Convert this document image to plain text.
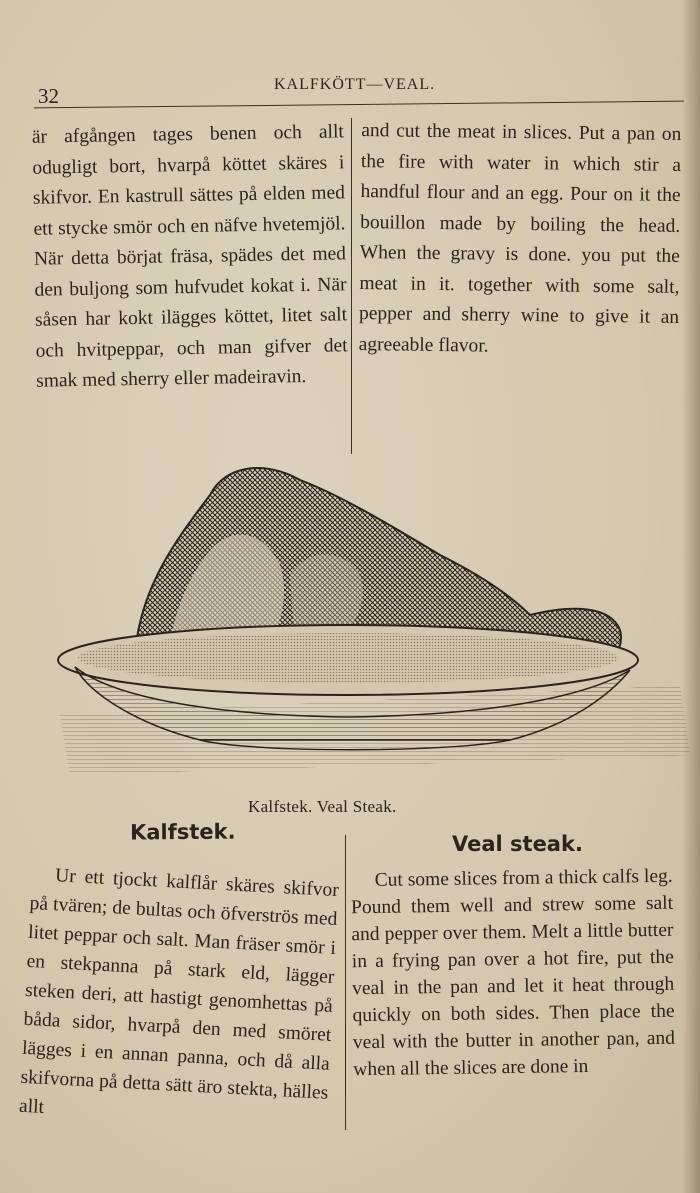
32	KALFKÖTT—VEAL.

är afgången tages benen och allt odugligt bort, hvarpå köttet skäres i skifvor. En kastrull sättes på elden med ett stycke smör och en näfve hvetemjöl. När detta börjat fräsa, spädes det med den buljong som hufvudet kokat i. När såsen har kokt ilägges köttet, litet salt och hvitpeppar, och man gifver det smak med sherry eller madeiravin.

and cut the meat in slices. Put a pan on the fire with water in which stir a handful flour and an egg. Pour on it the bouillon made by boiling the head. When the gravy is done. you put the meat in it. together with some salt, pepper and sherry wine to give it an agreeable flavor.

Kalfstek. Veal Steak.
Kalfstek.	Veal steak.

Ur ett tjockt kalflår skäres skifvor på tvären; de bultas och öfverströs med litet peppar och salt. Man fräser smör i en stekpanna på stark eld, lägger steken deri, att hastigt genomhettas på båda sidor, hvarpå den med smöret lägges i en annan panna, och då alla skifvorna på detta sätt äro stekta, hälles allt

Cut some slices from a thick calfs leg. Pound them well and strew some salt and pepper over them. Melt a little butter in a frying pan over a hot fire, put the veal in the pan and let it heat through quickly on both sides. Then place the veal with the butter in another pan, and when all the slices are done in
